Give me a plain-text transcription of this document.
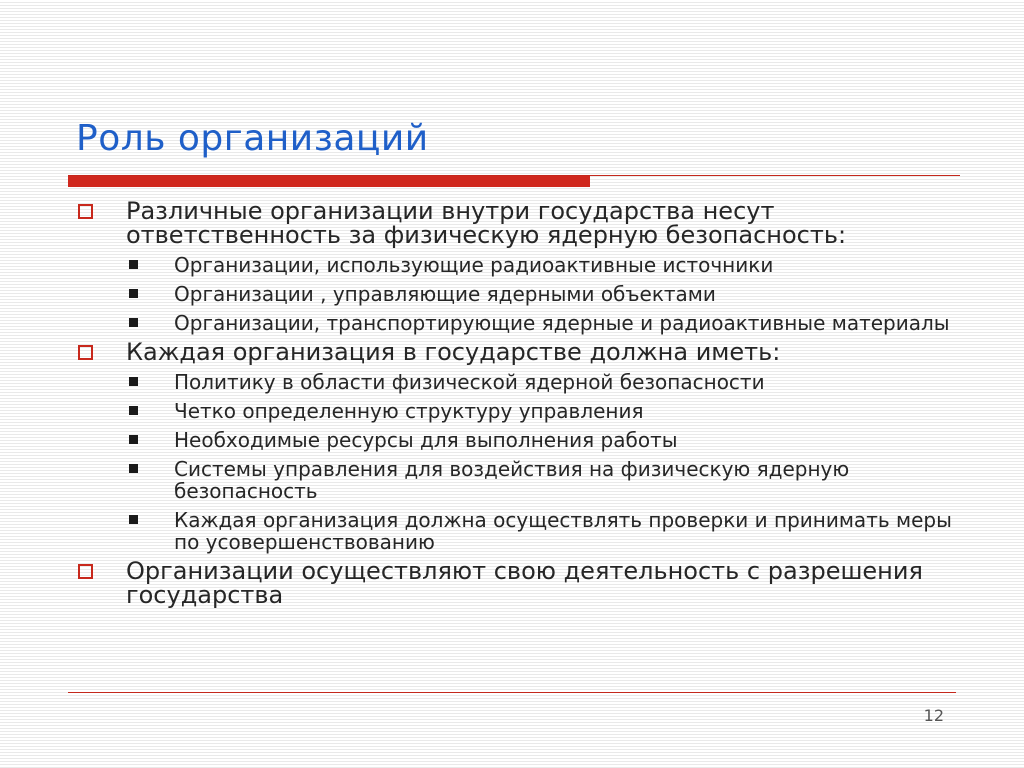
Роль организаций
Различные организации внутри государства несут ответственность за физическую ядерную безопасность:
Организации, использующие радиоактивные источники
Организации , управляющие ядерными объектами
Организации, транспортирующие ядерные и радиоактивные материалы
Каждая организация в государстве должна иметь:
Политику в области физической ядерной безопасности
Четко определенную структуру управления
Необходимые ресурсы для выполнения работы
Системы управления для воздействия на физическую ядерную безопасность
Каждая организация должна осуществлять проверки и принимать меры по усовершенствованию
Организации осуществляют свою деятельность с разрешения государства
12
